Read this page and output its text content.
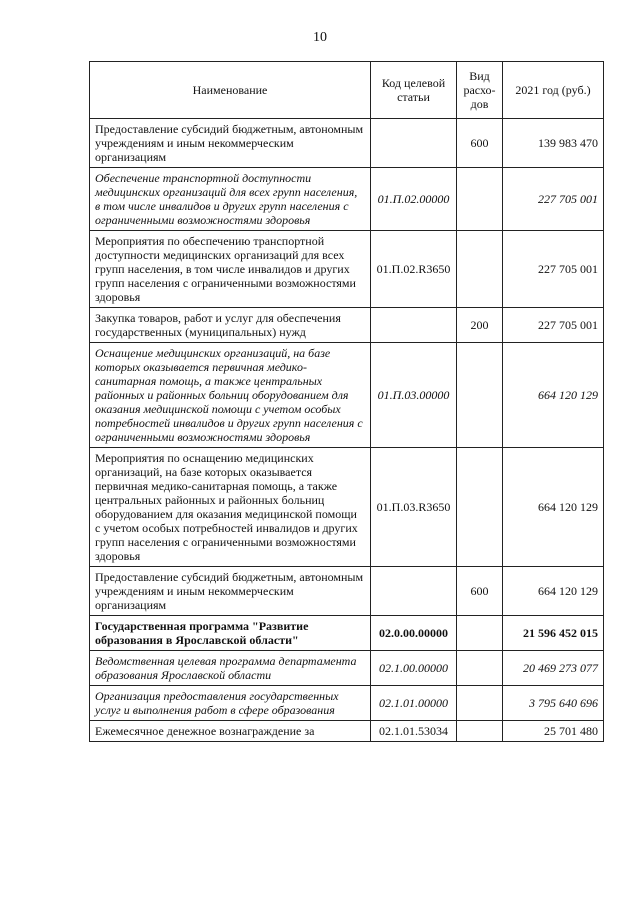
10
Наименование	Код целевой статьи	Вид расхо-дов	2021 год (руб.)
Предоставление субсидий бюджетным, автономным учреждениям и иным некоммерческим организациям		600	139 983 470
Обеспечение транспортной доступности медицинских организаций для всех групп населения, в том числе инвалидов и других групп населения с ограниченными возможностями здоровья	01.П.02.00000		227 705 001
Мероприятия по обеспечению транспортной доступности медицинских организаций для всех групп населения, в том числе инвалидов и других групп населения с ограниченными возможностями здоровья	01.П.02.R3650		227 705 001
Закупка товаров, работ и услуг для обеспечения государственных (муниципальных) нужд		200	227 705 001
Оснащение медицинских организаций, на базе которых оказывается первичная медико-санитарная помощь, а также центральных районных и районных больниц оборудованием для оказания медицинской помощи с учетом особых потребностей инвалидов и других групп населения с ограниченными возможностями здоровья	01.П.03.00000		664 120 129
Мероприятия по оснащению медицинских организаций, на базе которых оказывается первичная медико-санитарная помощь, а также центральных районных и районных больниц оборудованием для оказания медицинской помощи с учетом особых потребностей инвалидов и других групп населения с ограниченными возможностями здоровья	01.П.03.R3650		664 120 129
Предоставление субсидий бюджетным, автономным учреждениям и иным некоммерческим организациям		600	664 120 129
Государственная программа "Развитие образования в Ярославской области"	02.0.00.00000		21 596 452 015
Ведомственная целевая программа департамента образования Ярославской области	02.1.00.00000		20 469 273 077
Организация предоставления государственных услуг и выполнения работ в сфере образования	02.1.01.00000		3 795 640 696
Ежемесячное денежное вознаграждение за	02.1.01.53034		25 701 480
